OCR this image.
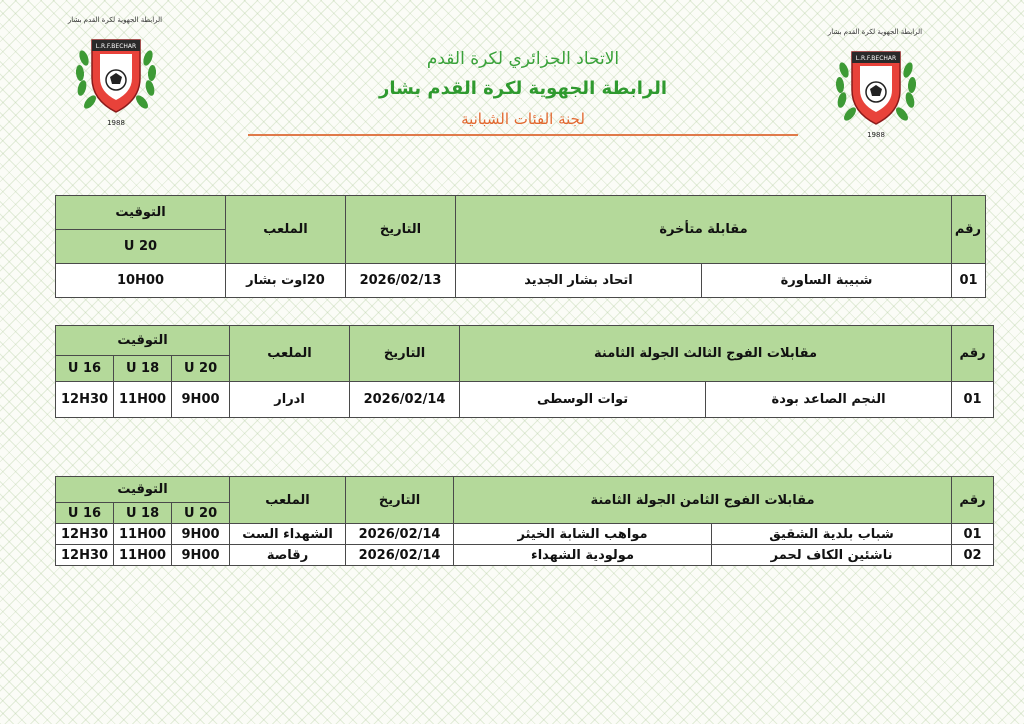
الرابطة الجهوية لكرة القدم بشار
L.R.F.BECHAR
1988
الرابطة الجهوية لكرة القدم بشار
L.R.F.BECHAR
1988
الاتحاد الجزائري لكرة القدم
الرابطة الجهوية لكرة القدم بشار
لجنة الفئات الشبانية
رقم	مقابلة متأخرة		التاريخ	الملعب	التوقيت
					U 20
01	شبيبة الساورة	اتحاد بشار الجديد	2026/02/13	20اوت بشار	10H00
رقم	مقابلات الفوج الثالث الجولة الثامنة		التاريخ	الملعب	التوقيت		
					U 20	U 18	U 16
01	النجم الصاعد بودة	توات الوسطى	2026/02/14	ادرار	9H00	11H00	12H30
رقم	مقابلات الفوج الثامن الجولة الثامنة		التاريخ	الملعب	التوقيت		
					U 20	U 18	U 16
01	شباب بلدية الشقيق	مواهب الشابة الخيثر	2026/02/14	الشهداء الست	9H00	11H00	12H30
02	ناشئين الكاف لحمر	مولودية الشهداء	2026/02/14	رقاصة	9H00	11H00	12H30
